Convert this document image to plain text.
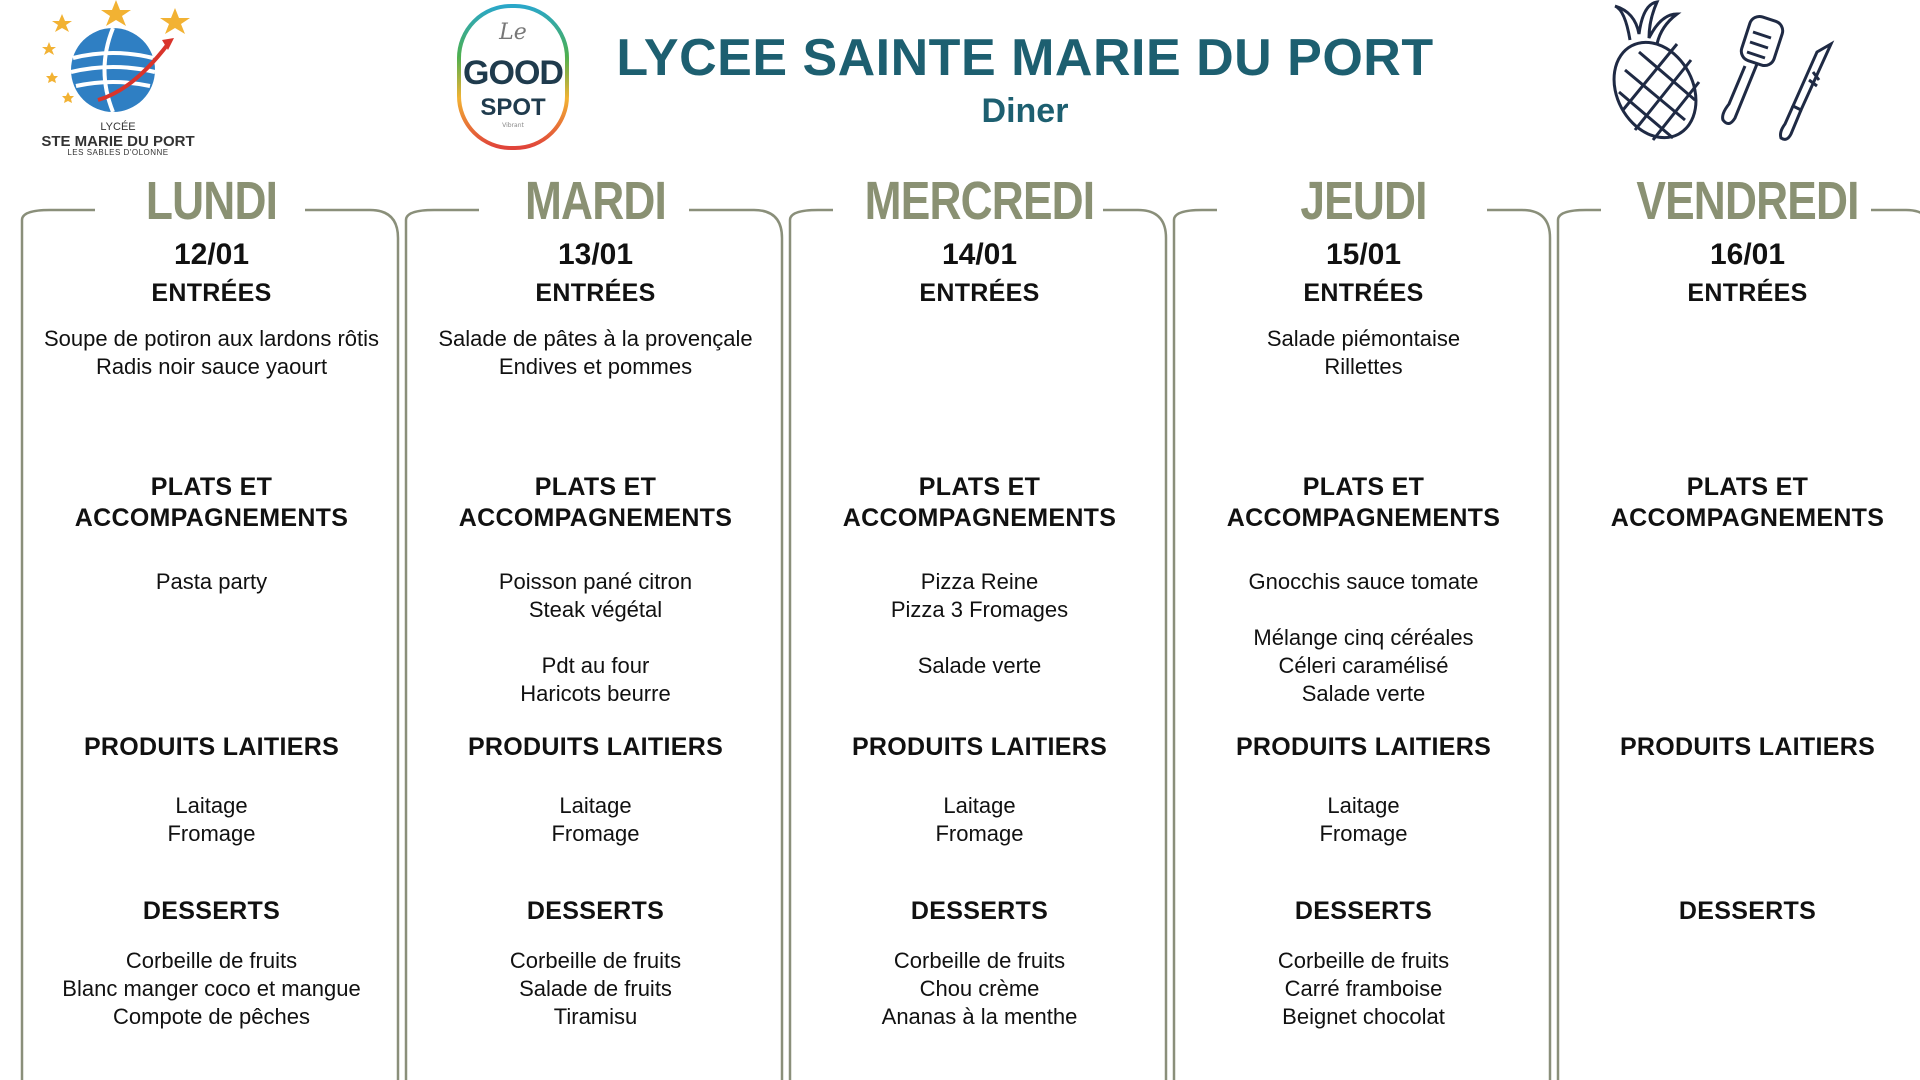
LYCÉE
STE MARIE DU PORT
LES SABLES D'OLONNE
Le
GOOD
SPOT
Vibrant
LYCEE SAINTE MARIE DU PORT
Diner
LUNDI
12/01
ENTRÉES
Soupe de potiron aux lardons rôtis
Radis noir sauce yaourt
PLATS ET
ACCOMPAGNEMENTS
Pasta party
PRODUITS LAITIERS
Laitage
Fromage
DESSERTS
Corbeille de fruits
Blanc manger coco et mangue
Compote de pêches
MARDI
13/01
ENTRÉES
Salade de pâtes à la provençale
Endives et pommes
PLATS ET
ACCOMPAGNEMENTS
Poisson pané citron
Steak végétal
Pdt au four
Haricots beurre
PRODUITS LAITIERS
Laitage
Fromage
DESSERTS
Corbeille de fruits
Salade de fruits
Tiramisu
MERCREDI
14/01
ENTRÉES
PLATS ET
ACCOMPAGNEMENTS
Pizza Reine
Pizza 3 Fromages
Salade verte
PRODUITS LAITIERS
Laitage
Fromage
DESSERTS
Corbeille de fruits
Chou crème
Ananas à la menthe
JEUDI
15/01
ENTRÉES
Salade piémontaise
Rillettes
PLATS ET
ACCOMPAGNEMENTS
Gnocchis sauce tomate
Mélange cinq céréales
Céleri caramélisé
Salade verte
PRODUITS LAITIERS
Laitage
Fromage
DESSERTS
Corbeille de fruits
Carré framboise
Beignet chocolat
VENDREDI
16/01
ENTRÉES
PLATS ET
ACCOMPAGNEMENTS
PRODUITS LAITIERS
DESSERTS
